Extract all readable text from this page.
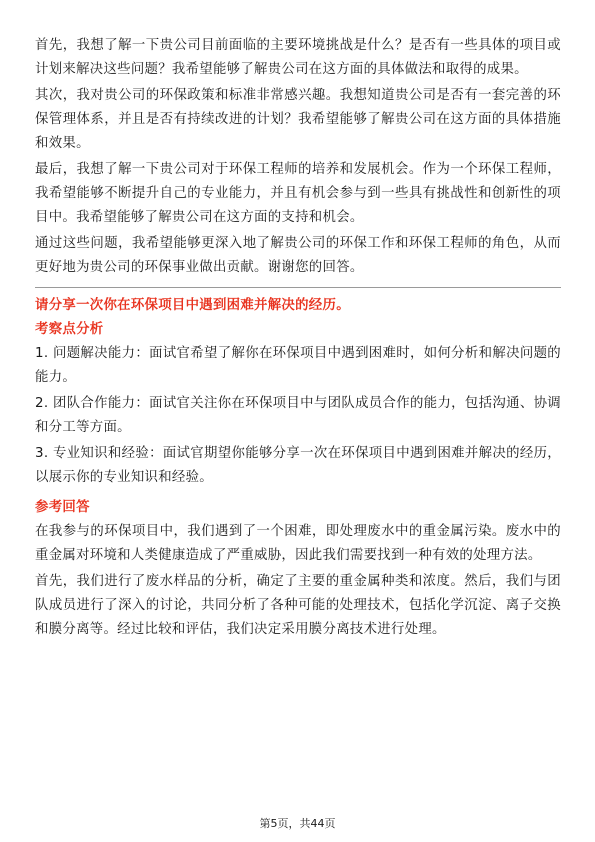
首先，我想了解一下贵公司目前面临的主要环境挑战是什么？是否有一些具体的项目或计划来解决这些问题？我希望能够了解贵公司在这方面的具体做法和取得的成果。

其次，我对贵公司的环保政策和标准非常感兴趣。我想知道贵公司是否有一套完善的环保管理体系，并且是否有持续改进的计划？我希望能够了解贵公司在这方面的具体措施和效果。

最后，我想了解一下贵公司对于环保工程师的培养和发展机会。作为一个环保工程师，我希望能够不断提升自己的专业能力，并且有机会参与到一些具有挑战性和创新性的项目中。我希望能够了解贵公司在这方面的支持和机会。

通过这些问题，我希望能够更深入地了解贵公司的环保工作和环保工程师的角色，从而更好地为贵公司的环保事业做出贡献。谢谢您的回答。

请分享一次你在环保项目中遇到困难并解决的经历。

考察点分析

1. 问题解决能力：面试官希望了解你在环保项目中遇到困难时，如何分析和解决问题的能力。

2. 团队合作能力：面试官关注你在环保项目中与团队成员合作的能力，包括沟通、协调和分工等方面。

3. 专业知识和经验：面试官期望你能够分享一次在环保项目中遇到困难并解决的经历，以展示你的专业知识和经验。

参考回答

在我参与的环保项目中，我们遇到了一个困难，即处理废水中的重金属污染。废水中的重金属对环境和人类健康造成了严重威胁，因此我们需要找到一种有效的处理方法。

首先，我们进行了废水样品的分析，确定了主要的重金属种类和浓度。然后，我们与团队成员进行了深入的讨论，共同分析了各种可能的处理技术，包括化学沉淀、离子交换和膜分离等。经过比较和评估，我们决定采用膜分离技术进行处理。

第5页，共44页
